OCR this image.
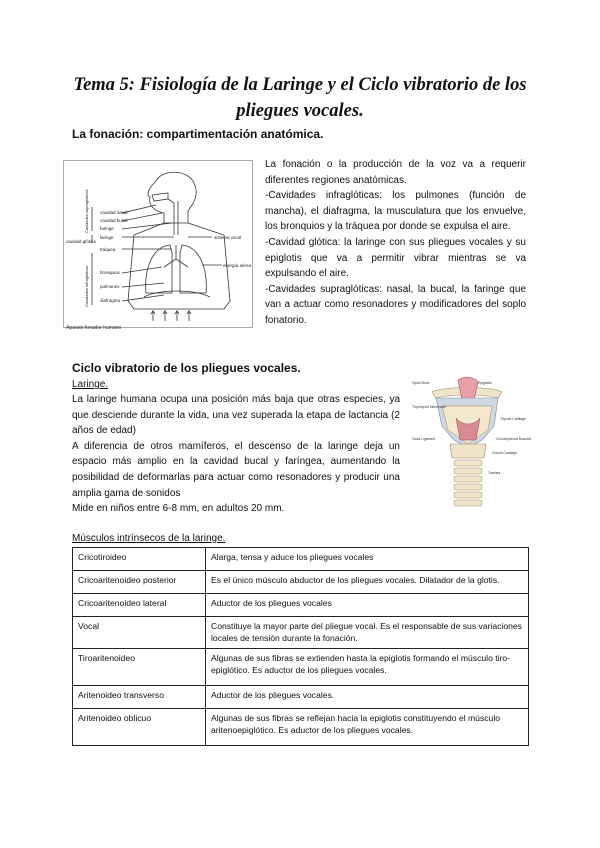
Tema 5: Fisiología de la Laringe y el Ciclo vibratorio de los
pliegues vocales.
La fonación: compartimentación anatómica.
cavidad nasal
cavidad bucal
faringe
laringe
tráquea
bronquios
pulmones
diafragma
sistema vocal
energía aérea
cavidad glótica
Cavidades supraglóticas
Cavidades infraglóticas
Aparato fonador humano

La fonación o la producción de la voz va a requerir diferentes regiones anatómicas.

-Cavidades infraglóticas: los pulmones (función de mancha), el diafragma, la musculatura que los envuelve, los bronquios y la tráquea por donde se expulsa el aire.

-Cavidad glótica: la laringe con sus pliegues vocales y su epiglotis que va a permitir vibrar mientras se va expulsando el aire.

-Cavidades supraglóticas: nasal, la bucal, la faringe que van a actuar como resonadores y modificadores del soplo fonatorio.

Ciclo vibratorio de los pliegues vocales.
Laringe.

La laringe humana ocupa una posición más baja que otras especies, ya que desciende durante la vida, una vez superada la etapa de lactancia (2 años de edad)

A diferencia de otros mamíferos, el descenso de la laringe deja un espacio más amplio en la cavidad bucal y faríngea, aumentando la posibilidad de deformarlas para actuar como resonadores y producir una amplia gama de sonidos

Mide en niños entre 6-8 mm, en adultos 20 mm.

Hyoid Bone	Epiglottis
Thyrohyoid Membrane
Thyroid Cartilage
Vocal Ligament	Cricoarytenoid Muscles
Cricoid Cartilage
Trachea
Músculos intrínsecos de la laringe.
Cricotiroideo	Alarga, tensa y aduce los pliegues vocales
Cricoaritenoideo posterior	Es el único músculo abductor de los pliegues vocales. Dilatador de la glotis.
Cricoaritenoideo lateral	Aductor de los pliegues vocales
Vocal	Constituye la mayor parte del pliegue vocal. Es el responsable de sus variaciones locales de tensión durante la fonación.
Tiroaritenoideo	Algunas de sus fibras se extienden hasta la epiglotis formando el músculo tiro-epiglótico. Es aductor de los pliegues vocales.
Aritenoideo transverso	Aductor de los pliegues vocales.
Aritenoideo oblicuo	Algunas de sus fibras se reflejan hacia la epiglotis constituyendo el músculo aritenoepiglótico. Es aductor de los pliegues vocales.
